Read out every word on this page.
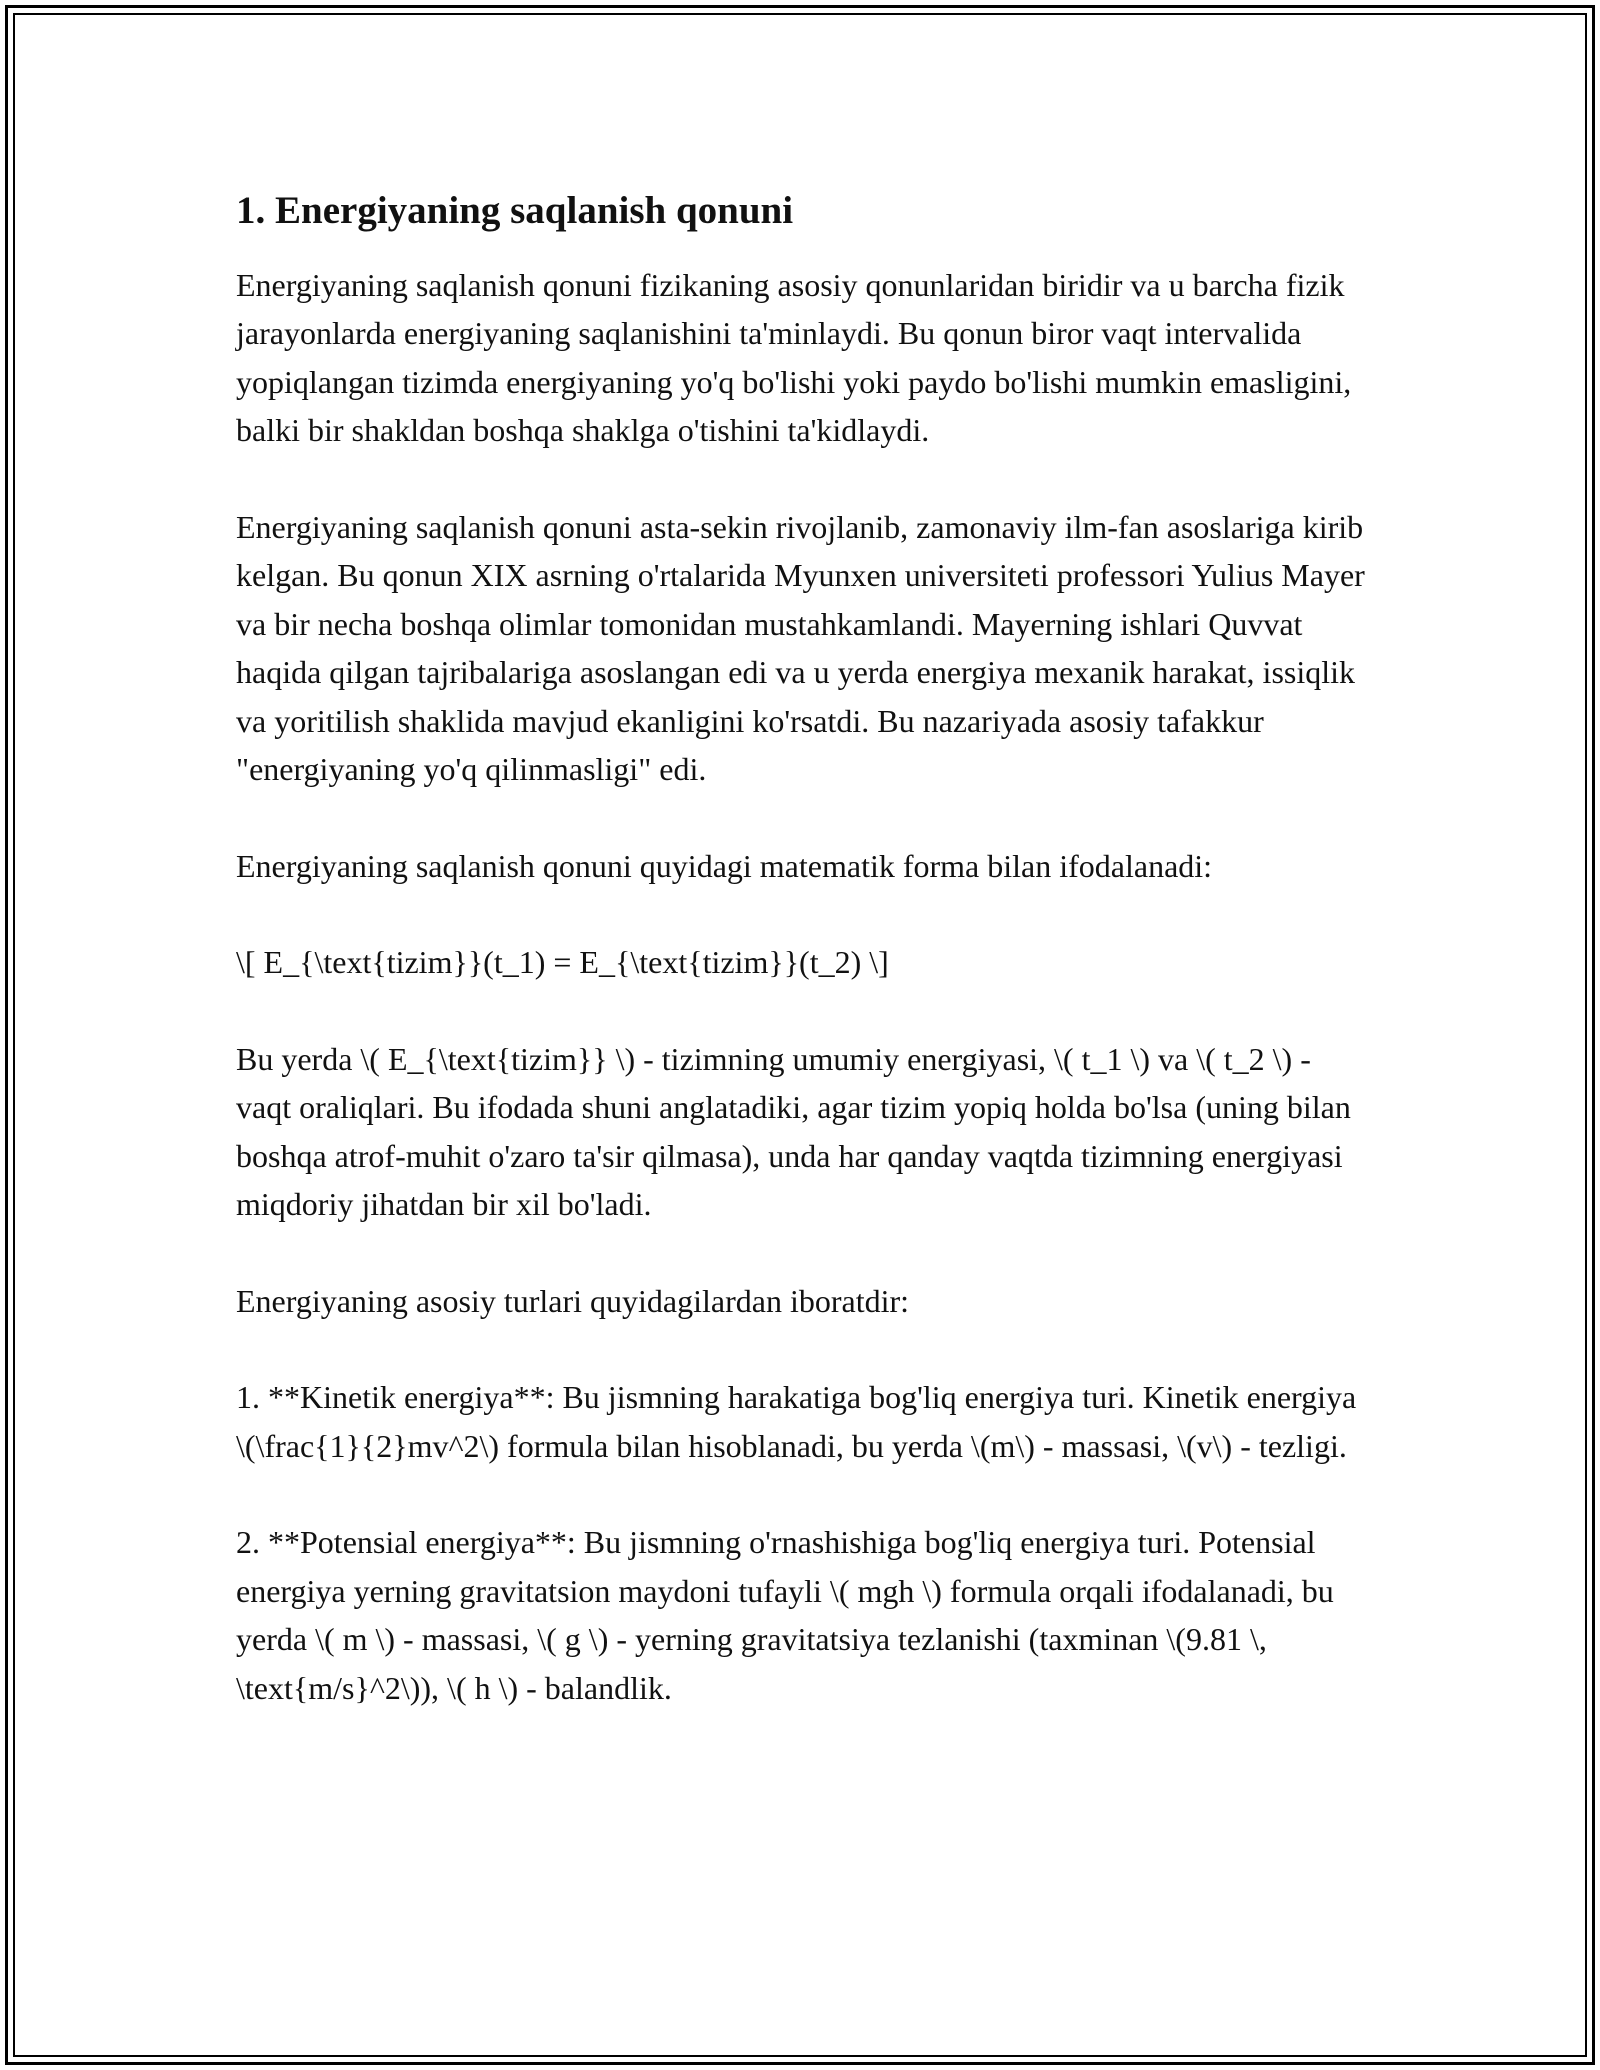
1. Energiyaning saqlanish qonuni

Energiyaning saqlanish qonuni fizikaning asosiy qonunlaridan biridir va u barcha fizik jarayonlarda energiyaning saqlanishini ta'minlaydi. Bu qonun biror vaqt intervalida yopiqlangan tizimda energiyaning yo'q bo'lishi yoki paydo bo'lishi mumkin emasligini, balki bir shakldan boshqa shaklga o'tishini ta'kidlaydi.

Energiyaning saqlanish qonuni asta-sekin rivojlanib, zamonaviy ilm-fan asoslariga kirib kelgan. Bu qonun XIX asrning o'rtalarida Myunxen universiteti professori Yulius Mayer va bir necha boshqa olimlar tomonidan mustahkamlandi. Mayerning ishlari Quvvat haqida qilgan tajribalariga asoslangan edi va u yerda energiya mexanik harakat, issiqlik va yoritilish shaklida mavjud ekanligini ko'rsatdi. Bu nazariyada asosiy tafakkur "energiyaning yo'q qilinmasligi" edi.

Energiyaning saqlanish qonuni quyidagi matematik forma bilan ifodalanadi:

\[ E_{\text{tizim}}(t_1) = E_{\text{tizim}}(t_2) \]

Bu yerda \( E_{\text{tizim}} \) - tizimning umumiy energiyasi, \( t_1 \) va \( t_2 \) - vaqt oraliqlari. Bu ifodada shuni anglatadiki, agar tizim yopiq holda bo'lsa (uning bilan boshqa atrof-muhit o'zaro ta'sir qilmasa), unda har qanday vaqtda tizimning energiyasi miqdoriy jihatdan bir xil bo'ladi.

Energiyaning asosiy turlari quyidagilardan iboratdir:

1. **Kinetik energiya**: Bu jismning harakatiga bog'liq energiya turi. Kinetik energiya \(\frac{1}{2}mv^2\) formula bilan hisoblanadi, bu yerda \(m\) - massasi, \(v\) - tezligi.

2. **Potensial energiya**: Bu jismning o'rnashishiga bog'liq energiya turi. Potensial energiya yerning gravitatsion maydoni tufayli \( mgh \) formula orqali ifodalanadi, bu yerda \( m \) - massasi, \( g \) - yerning gravitatsiya tezlanishi (taxminan \(9.81 \, \text{m/s}^2\)), \( h \) - balandlik.
